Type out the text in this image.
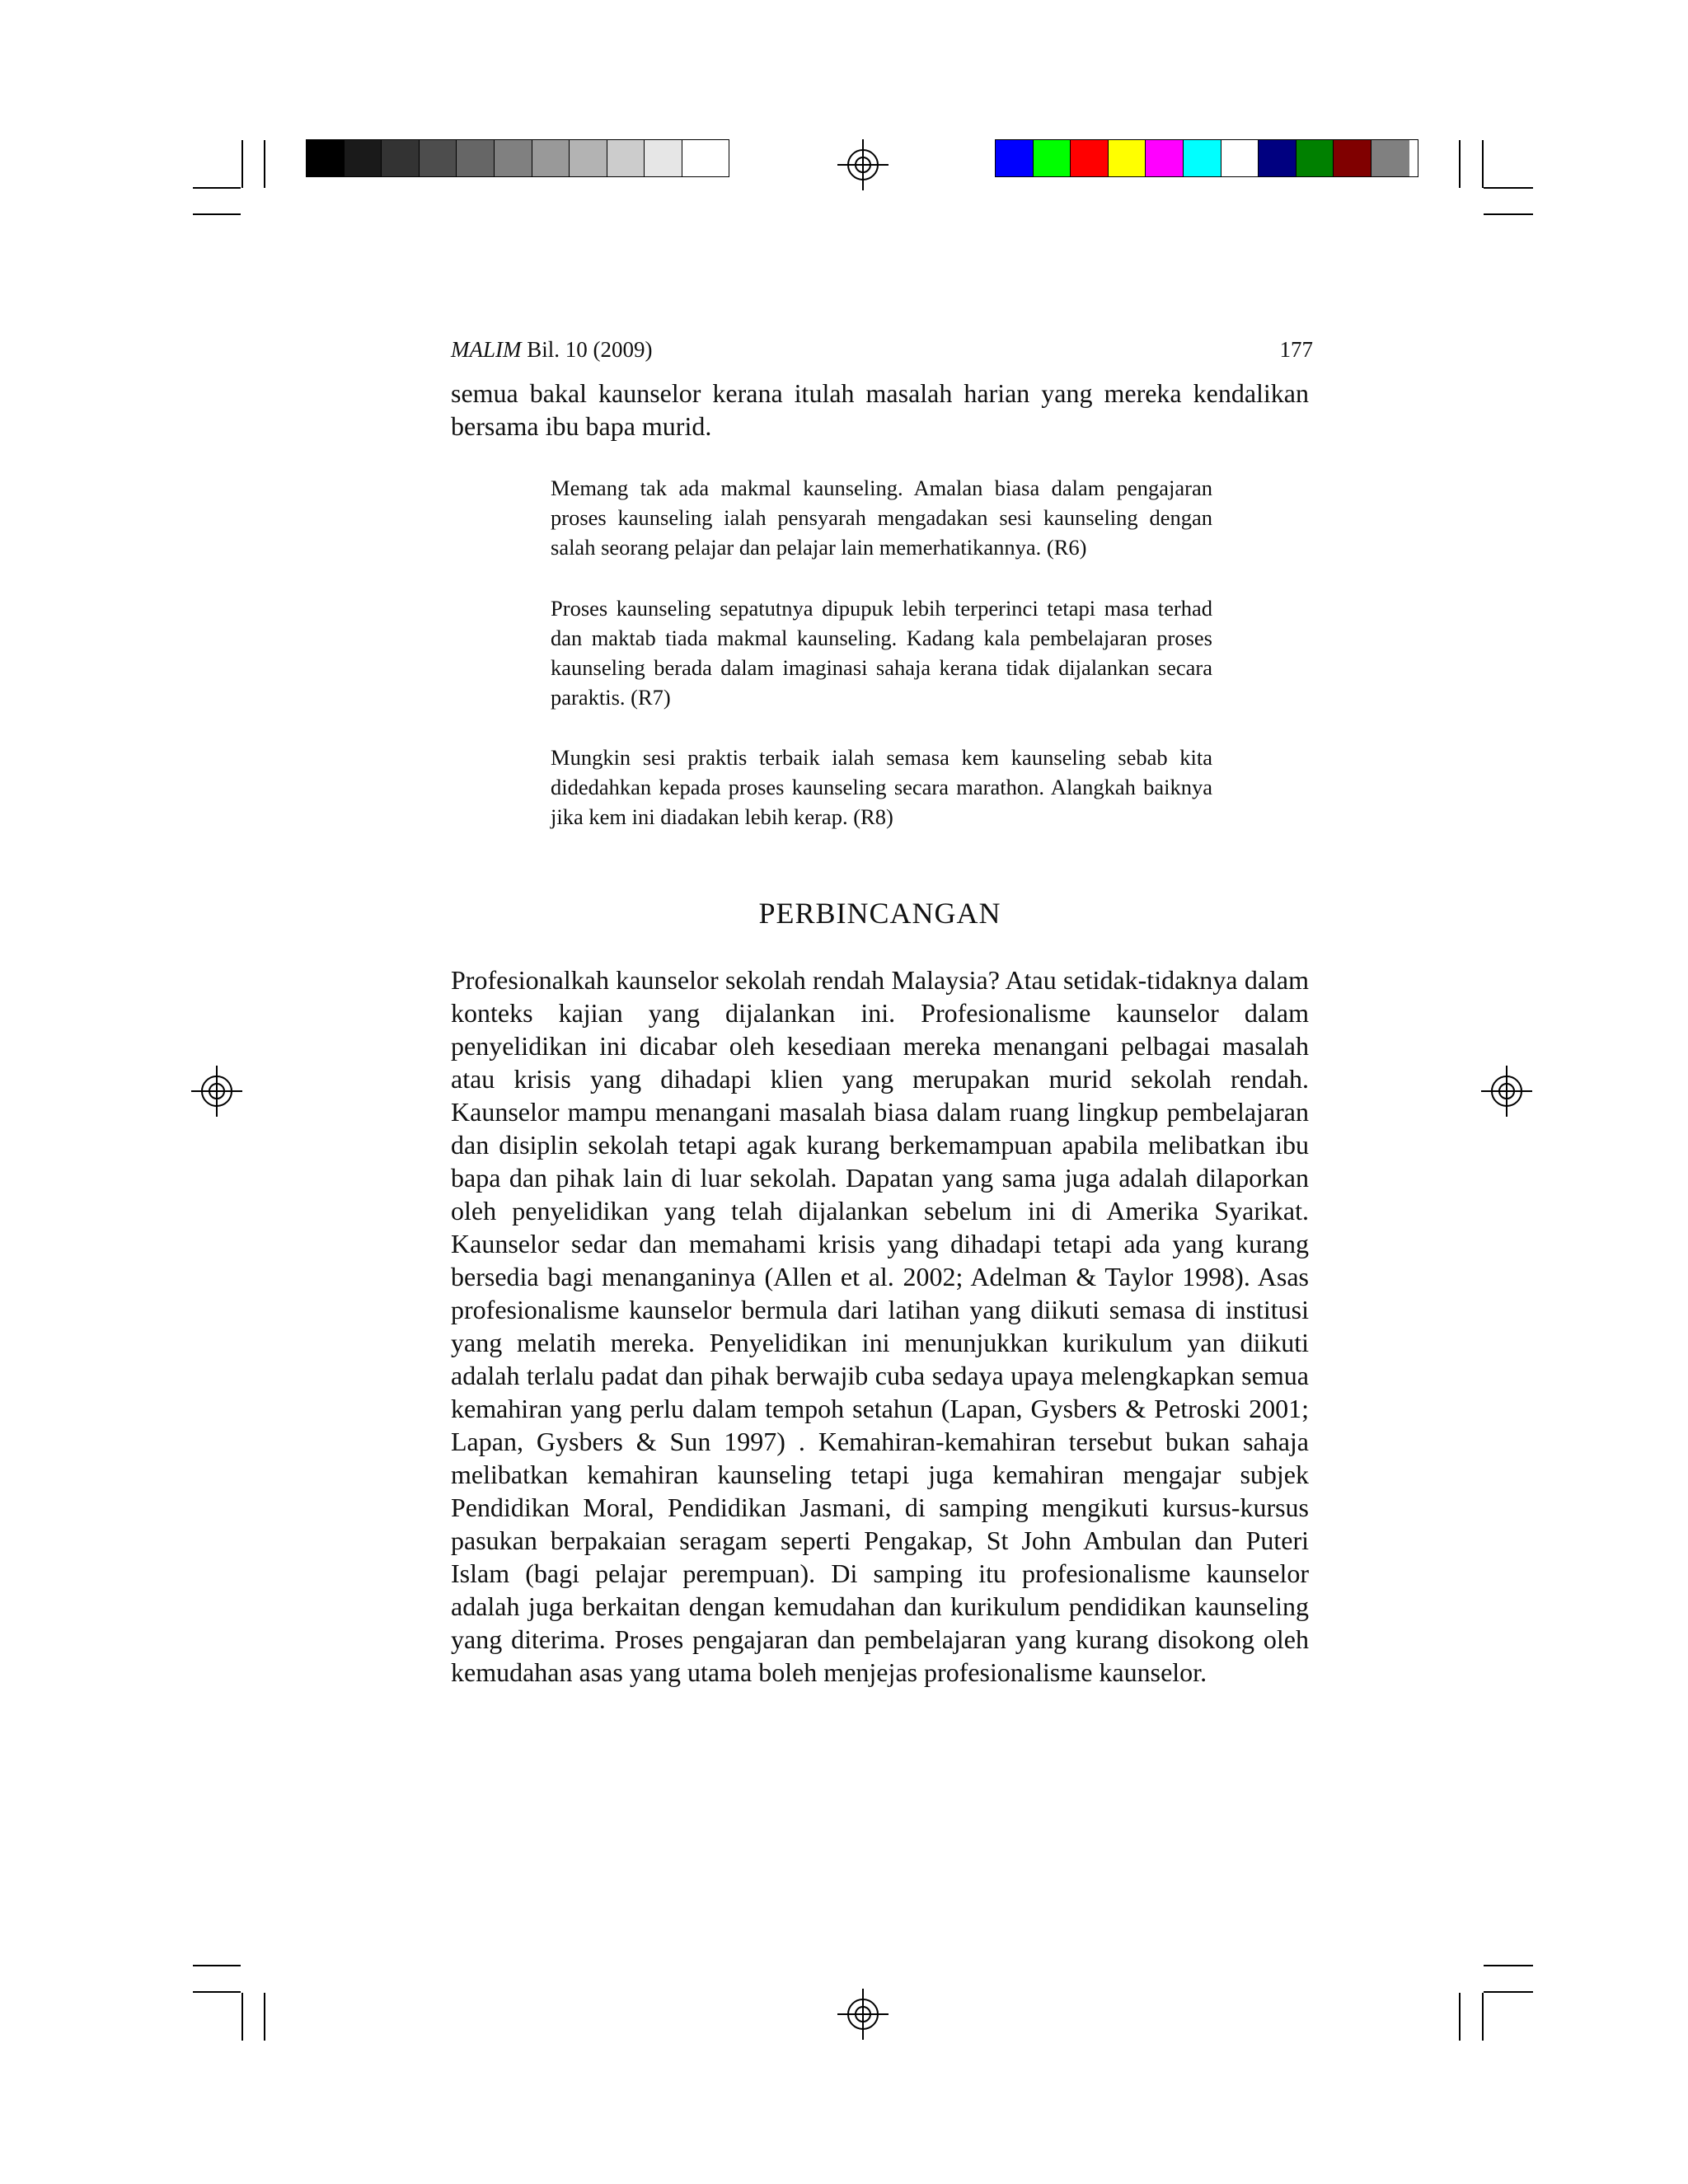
MALIM Bil. 10 (2009)	177

semua bakal kaunselor kerana itulah masalah harian yang mereka kendalikan bersama ibu bapa murid.

Memang tak ada makmal kaunseling. Amalan biasa dalam pengajaran proses kaunseling ialah pensyarah mengadakan sesi kaunseling dengan salah seorang pelajar dan pelajar lain memerhatikannya. (R6)

Proses kaunseling sepatutnya dipupuk lebih terperinci tetapi masa terhad dan maktab tiada makmal kaunseling. Kadang kala pembelajaran proses kaunseling berada dalam imaginasi sahaja kerana tidak dijalankan secara paraktis. (R7)

Mungkin sesi praktis terbaik ialah semasa kem kaunseling sebab kita didedahkan kepada proses kaunseling secara marathon. Alangkah baiknya jika kem ini diadakan lebih kerap. (R8)

PERBINCANGAN

Profesionalkah kaunselor sekolah rendah Malaysia? Atau setidak-tidaknya dalam konteks kajian yang dijalankan ini. Profesionalisme kaunselor dalam penyelidikan ini dicabar oleh kesediaan mereka menangani pelbagai masalah atau krisis yang dihadapi klien yang merupakan murid sekolah rendah. Kaunselor mampu menangani masalah biasa dalam ruang lingkup pembelajaran dan disiplin sekolah tetapi agak kurang berkemampuan apabila melibatkan ibu bapa dan pihak lain di luar sekolah. Dapatan yang sama juga adalah dilaporkan oleh penyelidikan yang telah dijalankan sebelum ini di Amerika Syarikat. Kaunselor sedar dan memahami krisis yang dihadapi tetapi ada yang kurang bersedia bagi menanganinya (Allen et al. 2002; Adelman & Taylor 1998). Asas profesionalisme kaunselor bermula dari latihan yang diikuti semasa di institusi yang melatih mereka. Penyelidikan ini menunjukkan kurikulum yan diikuti adalah terlalu padat dan pihak berwajib cuba sedaya upaya melengkapkan semua kemahiran yang perlu dalam tempoh setahun (Lapan, Gysbers & Petroski 2001; Lapan, Gysbers & Sun 1997) . Kemahiran-kemahiran tersebut bukan sahaja melibatkan kemahiran kaunseling tetapi juga kemahiran mengajar subjek Pendidikan Moral, Pendidikan Jasmani, di samping mengikuti kursus-kursus pasukan berpakaian seragam seperti Pengakap, St John Ambulan dan Puteri Islam (bagi pelajar perempuan). Di samping itu profesionalisme kaunselor adalah juga berkaitan dengan kemudahan dan kurikulum pendidikan kaunseling yang diterima. Proses pengajaran dan pembelajaran yang kurang disokong oleh kemudahan asas yang utama boleh menjejas profesionalisme kaunselor.
